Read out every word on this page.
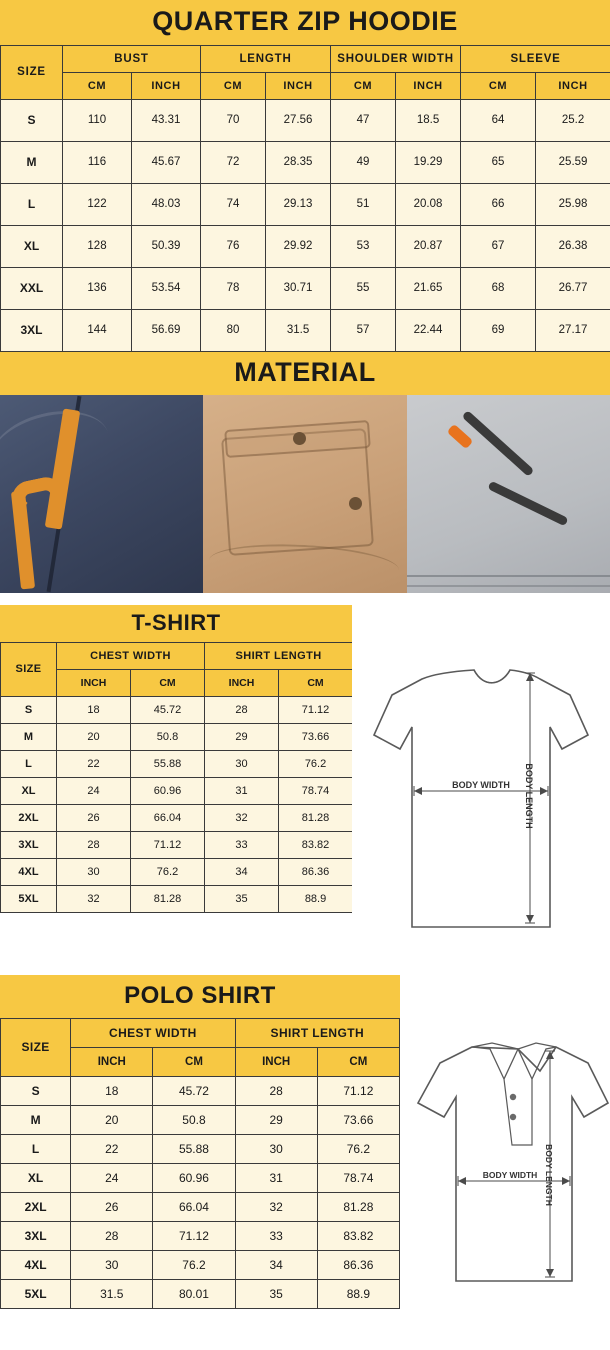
QUARTER ZIP HOODIE
SIZE	BUST		LENGTH		SHOULDER WIDTH		SLEEVE	
	CM	INCH	CM	INCH	CM	INCH	CM	INCH
S	110	43.31	70	27.56	47	18.5	64	25.2
M	116	45.67	72	28.35	49	19.29	65	25.59
L	122	48.03	74	29.13	51	20.08	66	25.98
XL	128	50.39	76	29.92	53	20.87	67	26.38
XXL	136	53.54	78	30.71	55	21.65	68	26.77
3XL	144	56.69	80	31.5	57	22.44	69	27.17
MATERIAL
T-SHIRT
SIZE	CHEST WIDTH		SHIRT LENGTH	
	INCH	CM	INCH	CM
S	18	45.72	28	71.12
M	20	50.8	29	73.66
L	22	55.88	30	76.2
XL	24	60.96	31	78.74
2XL	26	66.04	32	81.28
3XL	28	71.12	33	83.82
4XL	30	76.2	34	86.36
5XL	32	81.28	35	88.9
BODY WIDTH BODY LENGTH
POLO SHIRT
SIZE	CHEST WIDTH		SHIRT LENGTH	
	INCH	CM	INCH	CM
S	18	45.72	28	71.12
M	20	50.8	29	73.66
L	22	55.88	30	76.2
XL	24	60.96	31	78.74
2XL	26	66.04	32	81.28
3XL	28	71.12	33	83.82
4XL	30	76.2	34	86.36
5XL	31.5	80.01	35	88.9
BODY WIDTH BODY LENGTH
